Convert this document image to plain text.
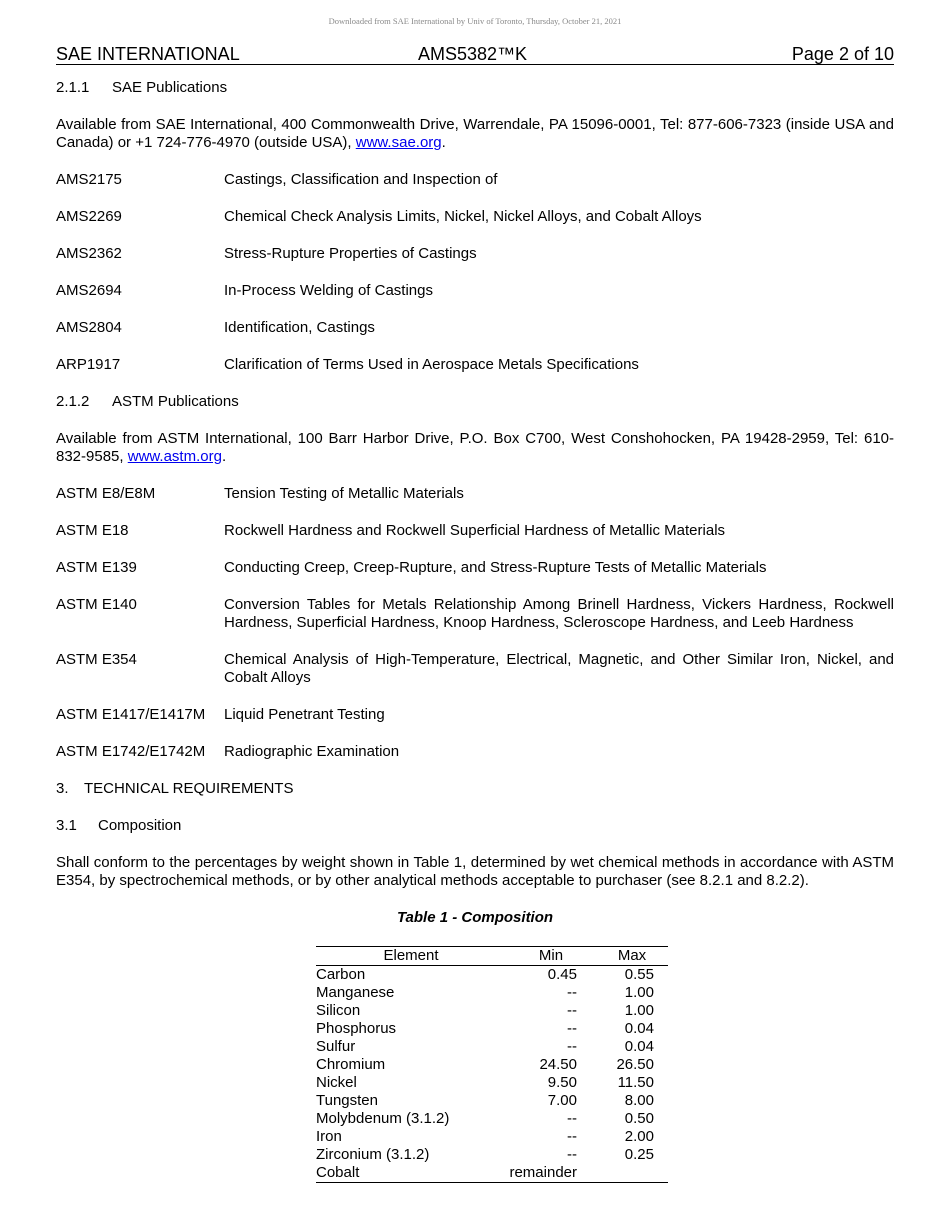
Downloaded from SAE International by Univ of Toronto, Thursday, October 21, 2021
SAE INTERNATIONAL	AMS5382™K	Page 2 of 10

2.1.1 SAE Publications

Available from SAE International, 400 Commonwealth Drive, Warrendale, PA 15096-0001, Tel: 877-606-7323 (inside USA and Canada) or +1 724-776-4970 (outside USA), www.sae.org.

AMS2175	Castings, Classification and Inspection of
AMS2269	Chemical Check Analysis Limits, Nickel, Nickel Alloys, and Cobalt Alloys
AMS2362	Stress-Rupture Properties of Castings
AMS2694	In-Process Welding of Castings
AMS2804	Identification, Castings
ARP1917	Clarification of Terms Used in Aerospace Metals Specifications

2.1.2 ASTM Publications

Available from ASTM International, 100 Barr Harbor Drive, P.O. Box C700, West Conshohocken, PA 19428-2959, Tel: 610-832-9585, www.astm.org.

ASTM E8/E8M	Tension Testing of Metallic Materials
ASTM E18	Rockwell Hardness and Rockwell Superficial Hardness of Metallic Materials
ASTM E139	Conducting Creep, Creep-Rupture, and Stress-Rupture Tests of Metallic Materials
ASTM E140	Conversion Tables for Metals Relationship Among Brinell Hardness, Vickers Hardness, Rockwell Hardness, Superficial Hardness, Knoop Hardness, Scleroscope Hardness, and Leeb Hardness
ASTM E354	Chemical Analysis of High-Temperature, Electrical, Magnetic, and Other Similar Iron, Nickel, and Cobalt Alloys
ASTM E1417/E1417M	Liquid Penetrant Testing
ASTM E1742/E1742M	Radiographic Examination

3. TECHNICAL REQUIREMENTS

3.1 Composition

Shall conform to the percentages by weight shown in Table 1, determined by wet chemical methods in accordance with ASTM E354, by spectrochemical methods, or by other analytical methods acceptable to purchaser (see 8.2.1 and 8.2.2).

Table 1 - Composition

Element	Min	Max
Carbon	0.45	0.55
Manganese	--	1.00
Silicon	--	1.00
Phosphorus	--	0.04
Sulfur	--	0.04
Chromium	24.50	26.50
Nickel	9.50	11.50
Tungsten	7.00	8.00
Molybdenum (3.1.2)	--	0.50
Iron	--	2.00
Zirconium (3.1.2)	--	0.25
Cobalt	remainder	
